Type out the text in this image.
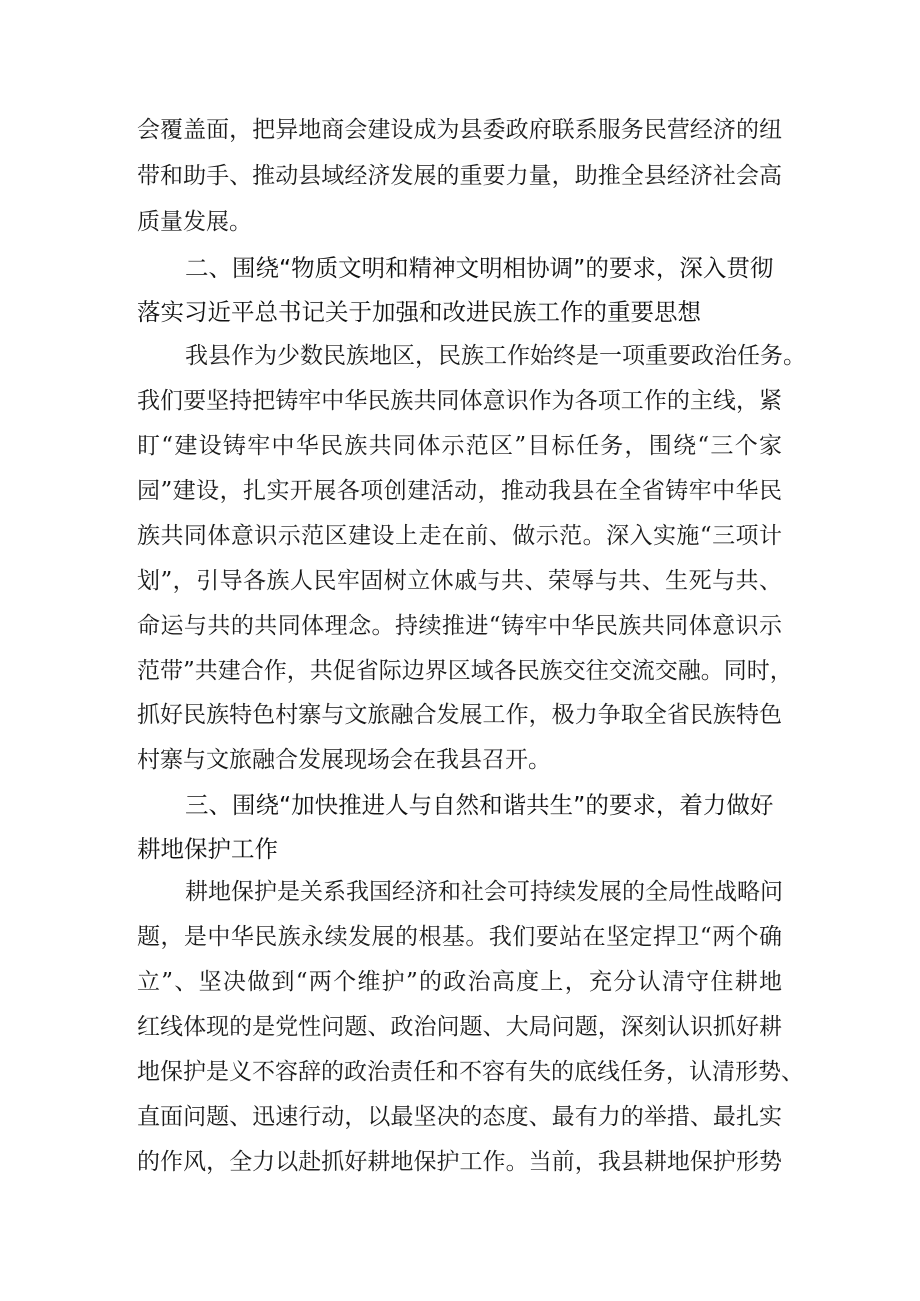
会覆盖面，把异地商会建设成为县委政府联系服务民营经济的纽
带和助手、推动县域经济发展的重要力量，助推全县经济社会高
质量发展。
二、围绕“物质文明和精神文明相协调”的要求，深入贯彻
落实习近平总书记关于加强和改进民族工作的重要思想
我县作为少数民族地区，民族工作始终是一项重要政治任务。
我们要坚持把铸牢中华民族共同体意识作为各项工作的主线，紧
盯“建设铸牢中华民族共同体示范区”目标任务，围绕“三个家
园”建设，扎实开展各项创建活动，推动我县在全省铸牢中华民
族共同体意识示范区建设上走在前、做示范。深入实施“三项计
划”，引导各族人民牢固树立休戚与共、荣辱与共、生死与共、
命运与共的共同体理念。持续推进“铸牢中华民族共同体意识示
范带”共建合作，共促省际边界区域各民族交往交流交融。同时，
抓好民族特色村寨与文旅融合发展工作，极力争取全省民族特色
村寨与文旅融合发展现场会在我县召开。
三、围绕“加快推进人与自然和谐共生”的要求，着力做好
耕地保护工作
耕地保护是关系我国经济和社会可持续发展的全局性战略问
题，是中华民族永续发展的根基。我们要站在坚定捍卫“两个确
立”、坚决做到“两个维护”的政治高度上，充分认清守住耕地
红线体现的是党性问题、政治问题、大局问题，深刻认识抓好耕
地保护是义不容辞的政治责任和不容有失的底线任务，认清形势、
直面问题、迅速行动，以最坚决的态度、最有力的举措、最扎实
的作风，全力以赴抓好耕地保护工作。当前，我县耕地保护形势
